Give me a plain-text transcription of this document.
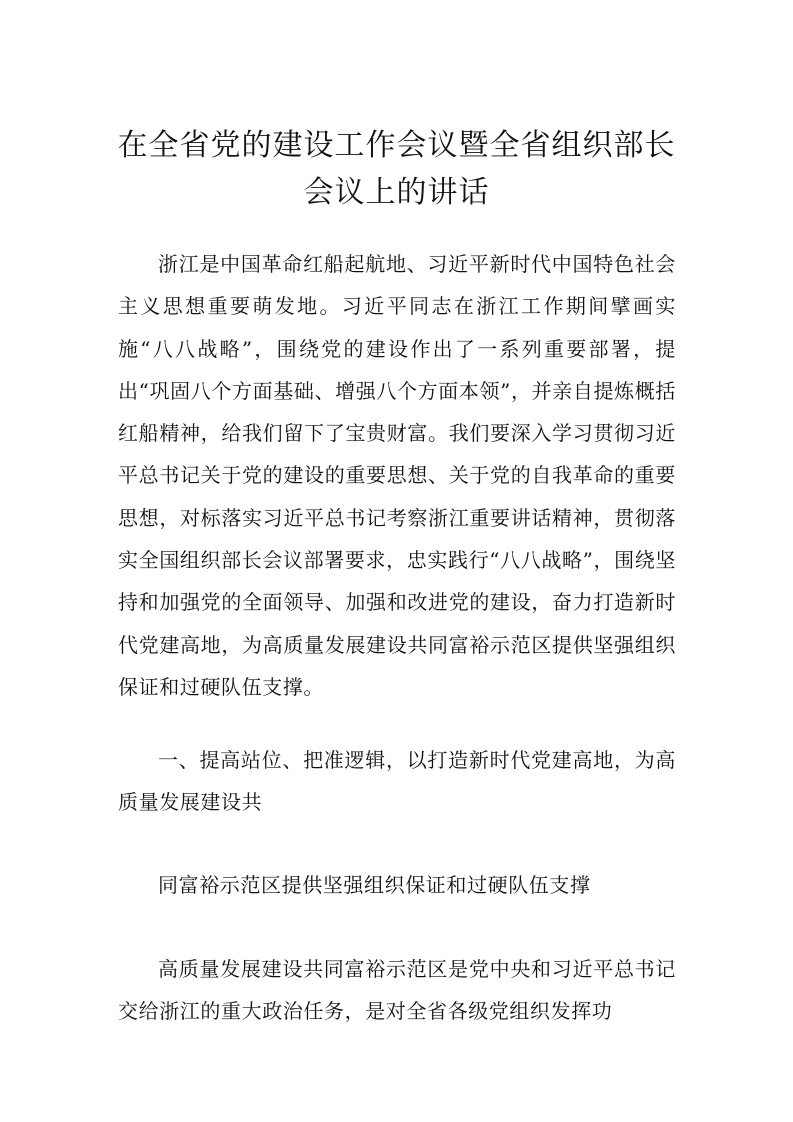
在全省党的建设工作会议暨全省组织部长
会议上的讲话

浙江是中国革命红船起航地、习近平新时代中国特色社会主义思想重要萌发地。习近平同志在浙江工作期间擘画实施“八八战略”，围绕党的建设作出了一系列重要部署，提出“巩固八个方面基础、增强八个方面本领”，并亲自提炼概括红船精神，给我们留下了宝贵财富。我们要深入学习贯彻习近平总书记关于党的建设的重要思想、关于党的自我革命的重要思想，对标落实习近平总书记考察浙江重要讲话精神，贯彻落实全国组织部长会议部署要求，忠实践行“八八战略”，围绕坚持和加强党的全面领导、加强和改进党的建设，奋力打造新时代党建高地，为高质量发展建设共同富裕示范区提供坚强组织保证和过硬队伍支撑。

一、提高站位、把准逻辑，以打造新时代党建高地，为高质量发展建设共

同富裕示范区提供坚强组织保证和过硬队伍支撑

高质量发展建设共同富裕示范区是党中央和习近平总书记交给浙江的重大政治任务，是对全省各级党组织发挥功
